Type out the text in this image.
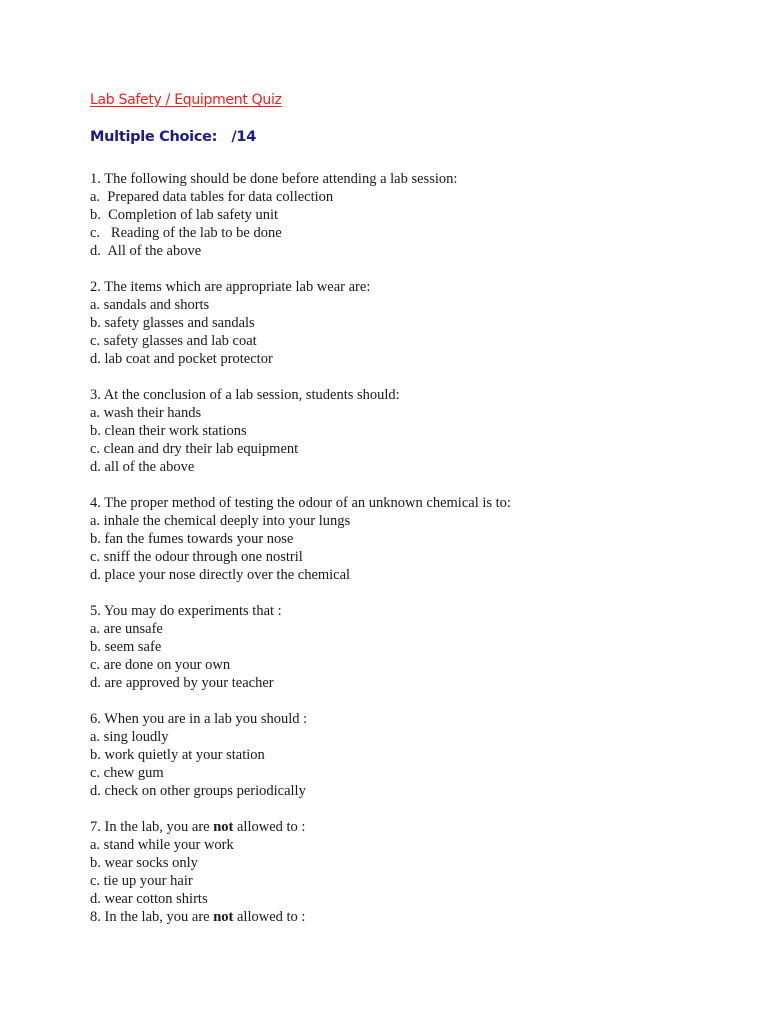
Lab Safety / Equipment Quiz
Multiple Choice:   /14
1. The following should be done before attending a lab session:
a.  Prepared data tables for data collection
b.  Completion of lab safety unit
c.   Reading of the lab to be done
d.  All of the above
2. The items which are appropriate lab wear are:
a. sandals and shorts
b. safety glasses and sandals
c. safety glasses and lab coat
d. lab coat and pocket protector
3. At the conclusion of a lab session, students should:
a. wash their hands
b. clean their work stations
c. clean and dry their lab equipment
d. all of the above
4. The proper method of testing the odour of an unknown chemical is to:
a. inhale the chemical deeply into your lungs
b. fan the fumes towards your nose
c. sniff the odour through one nostril
d. place your nose directly over the chemical
5. You may do experiments that :
a. are unsafe
b. seem safe
c. are done on your own
d. are approved by your teacher
6. When you are in a lab you should :
a. sing loudly
b. work quietly at your station
c. chew gum
d. check on other groups periodically
7. In the lab, you are not allowed to :
a. stand while your work
b. wear socks only
c. tie up your hair
d. wear cotton shirts
8. In the lab, you are not allowed to :
